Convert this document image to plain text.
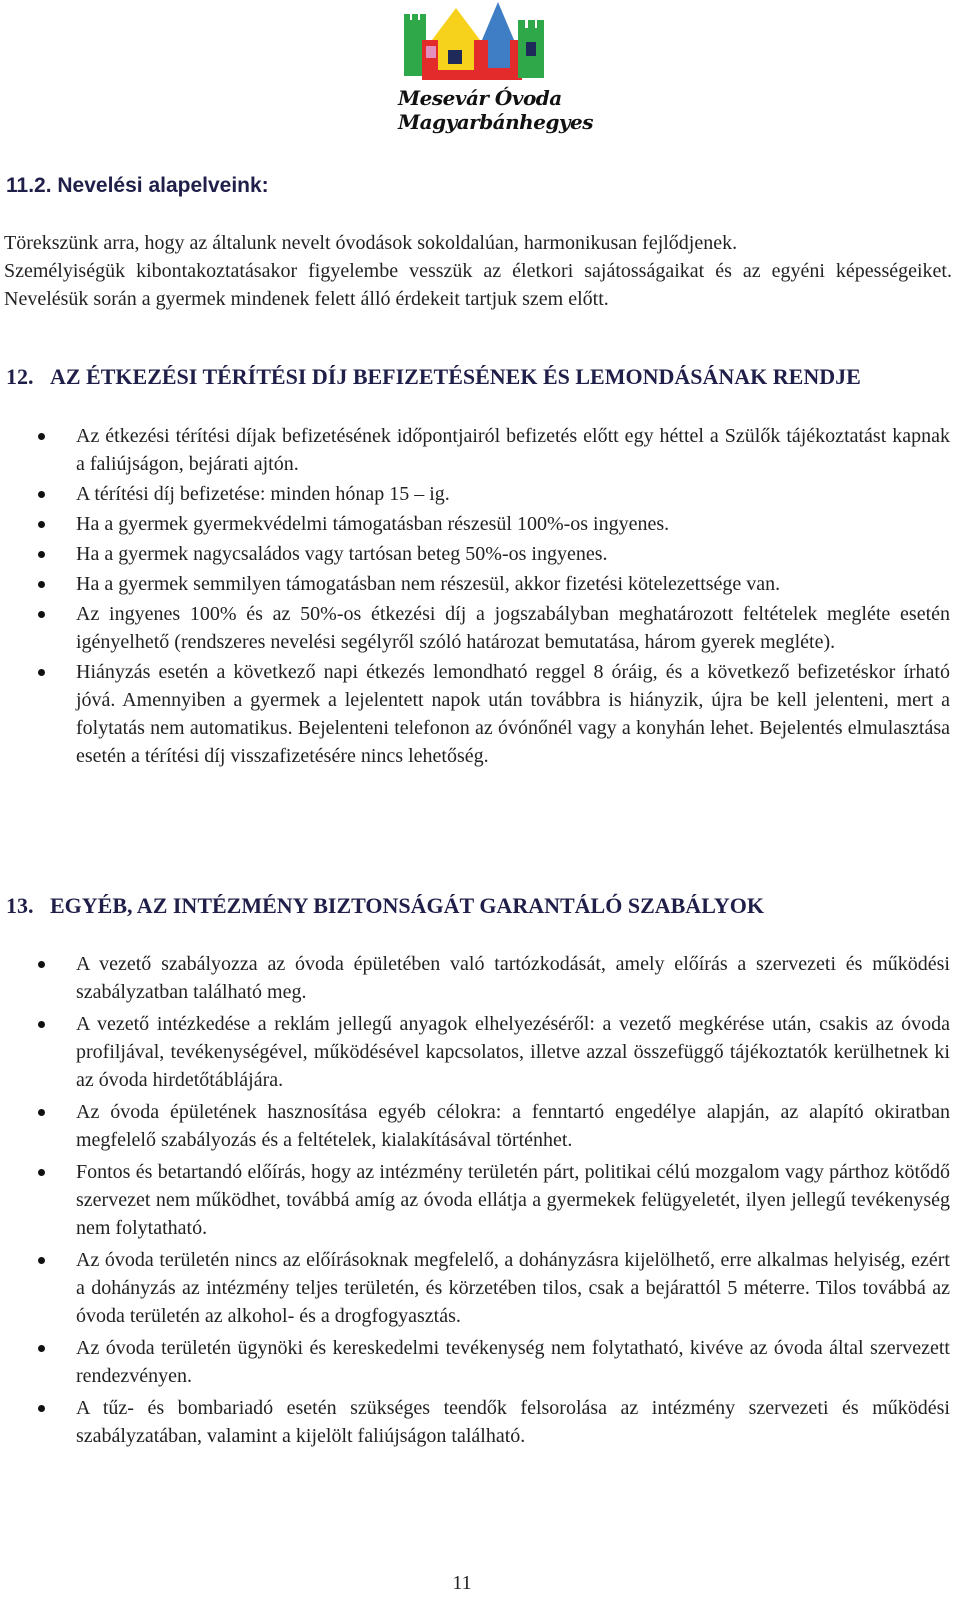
Mesevár Óvoda
Magyarbánhegyes
11.2. Nevelési alapelveink:

Törekszünk arra, hogy az általunk nevelt óvodások sokoldalúan, harmonikusan fejlődjenek.

Személyiségük kibontakoztatásakor figyelembe vesszük az életkori sajátosságaikat és az egyéni képességeiket. Nevelésük során a gyermek mindenek felett álló érdekeit tartjuk szem előtt.

12. AZ ÉTKEZÉSI TÉRÍTÉSI DÍJ BEFIZETÉSÉNEK ÉS LEMONDÁSÁNAK RENDJE
Az étkezési térítési díjak befizetésének időpontjairól befizetés előtt egy héttel a Szülők tájékoztatást kapnak a faliújságon, bejárati ajtón.
A térítési díj befizetése: minden hónap 15 – ig.
Ha a gyermek gyermekvédelmi támogatásban részesül 100%-os ingyenes.
Ha a gyermek nagycsaládos vagy tartósan beteg 50%-os ingyenes.
Ha a gyermek semmilyen támogatásban nem részesül, akkor fizetési kötelezettsége van.
Az ingyenes 100% és az 50%-os étkezési díj a jogszabályban meghatározott feltételek megléte esetén igényelhető (rendszeres nevelési segélyről szóló határozat bemutatása, három gyerek megléte).
Hiányzás esetén a következő napi étkezés lemondható reggel 8 óráig, és a következő befizetéskor írható jóvá. Amennyiben a gyermek a lejelentett napok után továbbra is hiányzik, újra be kell jelenteni, mert a folytatás nem automatikus. Bejelenteni telefonon az óvónőnél vagy a konyhán lehet. Bejelentés elmulasztása esetén a térítési díj visszafizetésére nincs lehetőség.
13. EGYÉB, AZ INTÉZMÉNY BIZTONSÁGÁT GARANTÁLÓ SZABÁLYOK
A vezető szabályozza az óvoda épületében való tartózkodását, amely előírás a szervezeti és működési szabályzatban található meg.
A vezető intézkedése a reklám jellegű anyagok elhelyezéséről: a vezető megkérése után, csakis az óvoda profiljával, tevékenységével, működésével kapcsolatos, illetve azzal összefüggő tájékoztatók kerülhetnek ki az óvoda hirdetőtáblájára.
Az óvoda épületének hasznosítása egyéb célokra: a fenntartó engedélye alapján, az alapító okiratban megfelelő szabályozás és a feltételek, kialakításával történhet.
Fontos és betartandó előírás, hogy az intézmény területén párt, politikai célú mozgalom vagy párthoz kötődő szervezet nem működhet, továbbá amíg az óvoda ellátja a gyermekek felügyeletét, ilyen jellegű tevékenység nem folytatható.
Az óvoda területén nincs az előírásoknak megfelelő, a dohányzásra kijelölhető, erre alkalmas helyiség, ezért a dohányzás az intézmény teljes területén, és körzetében tilos, csak a bejárattól 5 méterre. Tilos továbbá az óvoda területén az alkohol- és a drogfogyasztás.
Az óvoda területén ügynöki és kereskedelmi tevékenység nem folytatható, kivéve az óvoda által szervezett rendezvényen.
A tűz- és bombariadó esetén szükséges teendők felsorolása az intézmény szervezeti és működési szabályzatában, valamint a kijelölt faliújságon található.
11
